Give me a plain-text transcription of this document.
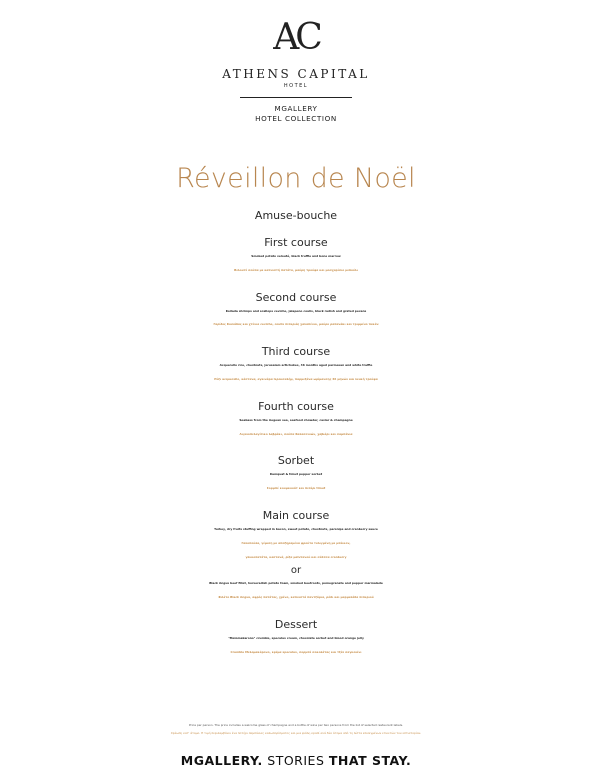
AC
ATHENS CAPITAL
HOTEL
MGALLERY
HOTEL COLLECTION
Réveillon de Noël
Amuse-bouche
First course
Smoked potato velouté, black truffle and bone marrow
Βελουτέ σούπα με καπνιστή πατάτα, μαύρη τρούφα και μοσχαρίσιο μεδούλι
Second course
Koilada shrimps and scallops ceviche, jalapeno coulis, black radish and grated pecans
Γαρίδες Κοιλάδας και χτένια ceviche, coulis πιπεριάς χαλαπένιο, μαύρο ραπανάκι και τριμμένο πεκάν
Third course
Acquerello rice, chestnuts, Jerusalem artichokes, 36 months aged parmesan and white truffle
Ρύζι acquerello, κάστανα, αγκινάρα Ιερουσαλήμ, παρμεζάνα ωρίμανσης 36 μηνών και λευκή τρούφα
Fourth course
Seabass from the Aegean sea, seafood chowder, caviar & champagne
Αιγαιοπελαγίτικο λαβράκι, σούπα θαλασσινών, χαβιάρι και σαμπάνια
Sorbet
Kumquat & timut pepper sorbet
Σορμπέ κουμκουάτ και πιπέρι timut
Main course
Turkey, dry fruits stuffing wrapped in bacon, sweet potato, chestnuts, parsnips and cranberry sauce
Γαλοπούλα, γέμιση με αποξηραμένα φρούτα τυλιγμένη με μπέικον,
γλυκοπατάτα, καστανά, ρίζα μαϊντανού και σάλτσα cranberry
or
Black Angus beef fillet, horseradish potato foam, smoked beetroots, pomegranate and pepper marmalade
Φιλέτο Black Angus, αφρός πατάτας, χρένο, καπνιστά παντζάρια, ρόδι και μαρμελάδα πιπεριού
Dessert
"Melomakarono" crumble, speculus cream, chocolate sorbet and blood orange jelly
Crumble Μελομακάρονο, κρέμα speculus, σορμπέ σοκολάτας και τζέλ σαγκουίνι
Price per person. The price includes a welcome glass of champagne and a bottle of wine per two persons from the list of selected restaurant labels.
Χρέωση κατ' άτομο. Η τιμή περιλαμβάνει ένα ποτήρι σαμπάνιας καλωσορίσματος και μια φιάλη κρασί ανά δύο άτομα από τη λίστα επιλεγμένων ετικετών του εστιατορίου.
MGALLERY. STORIES THAT STAY.
